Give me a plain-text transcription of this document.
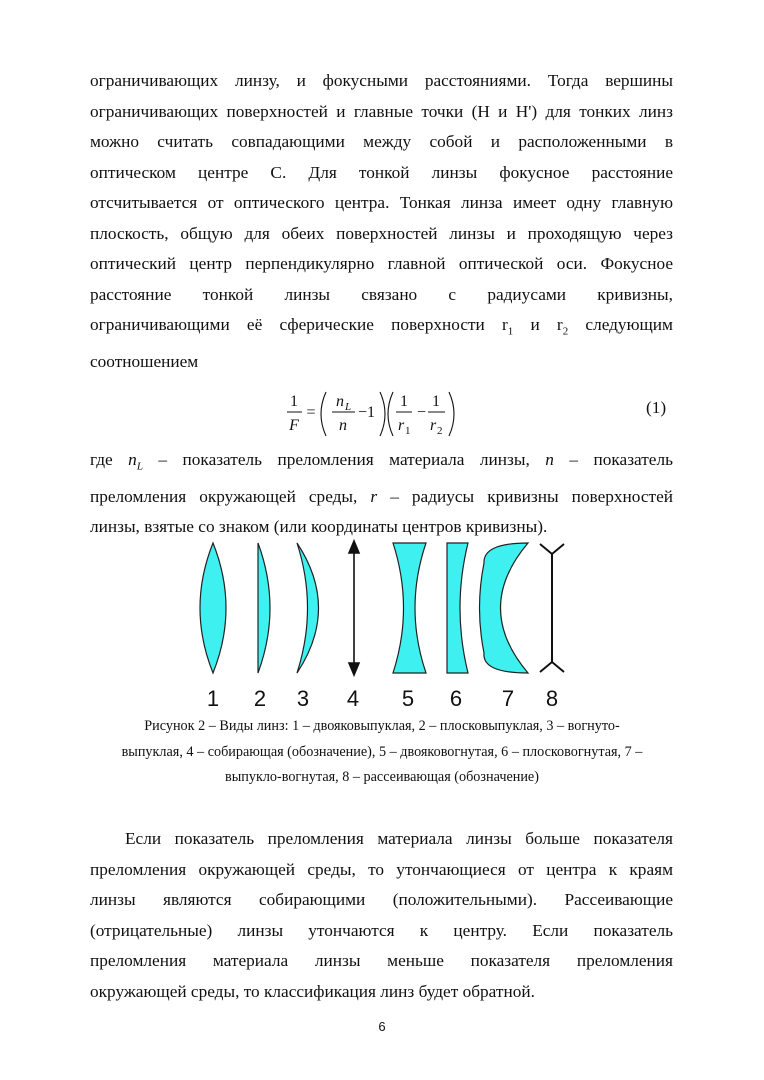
ограничивающих линзу, и фокусными расстояниями. Тогда вершины
ограничивающих поверхностей и главные точки (H и H') для тонких линз
можно считать совпадающими между собой и расположенными в
оптическом центре С. Для тонкой линзы фокусное расстояние
отсчитывается от оптического центра. Тонкая линза имеет одну главную
плоскость, общую для обеих поверхностей линзы и проходящую через
оптический центр перпендикулярно главной оптической оси. Фокусное
расстояние тонкой линзы связано с радиусами кривизны,
ограничивающими её сферические поверхности $r_1$ и $r_2$ следующим
соотношением
1
F
=
n L
n
−1
1
r 1
−
1
r 2
(1)
где $n_L$ – показатель преломления материала линзы, n – показатель
преломления окружающей среды, r – радиусы кривизны поверхностей
линзы, взятые со знаком (или координаты центров кривизны).
1 2 3 4 5 6 7 8
Рисунок 2 – Виды линз: 1 – двояковыпуклая, 2 – плосковыпуклая, 3 – вогнуто-
выпуклая, 4 – собирающая (обозначение), 5 – двояковогнутая, 6 – плосковогнутая, 7 –
выпукло-вогнутая, 8 – рассеивающая (обозначение)
Если показатель преломления материала линзы больше показателя
преломления окружающей среды, то утончающиеся от центра к краям
линзы являются собирающими (положительными). Рассеивающие
(отрицательные) линзы утончаются к центру. Если показатель
преломления материала линзы меньше показателя преломления
окружающей среды, то классификация линз будет обратной.
6
